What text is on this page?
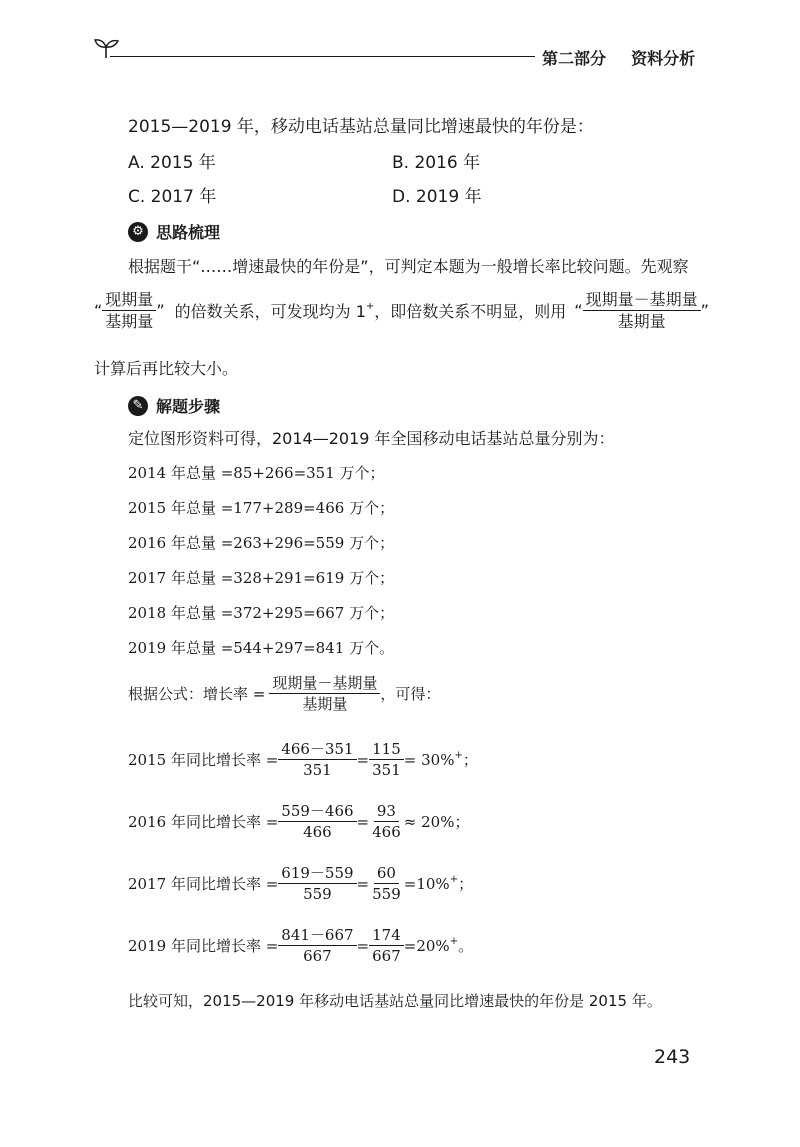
第二部分 资料分析
2015—2019 年，移动电话基站总量同比增速最快的年份是：
A. 2015 年	B. 2016 年
C. 2017 年	D. 2019 年
⚙ 思路梳理
根据题干“……增速最快的年份是”，可判定本题为一般增长率比较问题。先观察
“ $\frac{\text{现期量}}{\text{基期量}}$ ” 的倍数关系，可发现均为 1 + ，即倍数关系不明显，则用 “ $\frac{\text{现期量－基期量}}{\text{基期量}}$ ”
计算后再比较大小。
✎ 解题步骤
定位图形资料可得，2014—2019 年全国移动电话基站总量分别为：
2014 年总量 =85+266=351 万个；
2015 年总量 =177+289=466 万个；
2016 年总量 =263+296=559 万个；
2017 年总量 =328+291=619 万个；
2018 年总量 =372+295=667 万个；
2019 年总量 =544+297=841 万个。
根据公式：增长率 = $\frac{\text{现期量－基期量}}{\text{基期量}}$ ，可得：
2015 年同比增长率 = $\frac{466-351}{351} = \frac{115}{351} = 30\%$ + ；
2016 年同比增长率 = $\frac{559-466}{466} = \frac{93}{466} \approx 20\%$ ；
2017 年同比增长率 = $\frac{619-559}{559} = \frac{60}{559} =10\%$ + ；
2019 年同比增长率 = $\frac{841-667}{667} = \frac{174}{667} =20\%$ + 。
比较可知，2015—2019 年移动电话基站总量同比增速最快的年份是 2015 年。
243
